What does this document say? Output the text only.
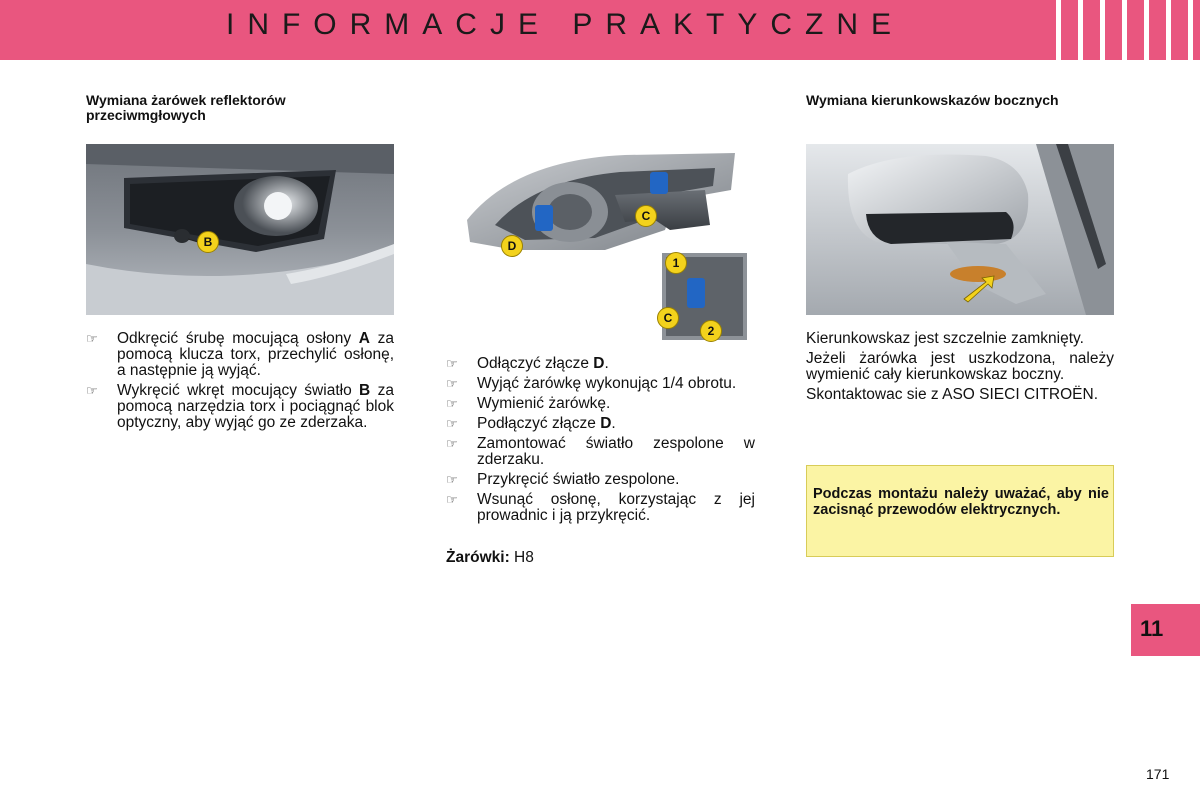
INFORMACJE PRAKTYCZNE
Wymiana żarówek reflektorów przeciwmgłowych
B
☞ Odkręcić śrubę mocującą osłony A za pomocą klucza torx, przechylić osłonę, a następnie ją wyjąć.
☞ Wykręcić wkręt mocujący światło B za pomocą narzędzia torx i pociągnąć blok optyczny, aby wyjąć go ze zderzaka.
C
D
1
2
C
☞ Odłączyć złącze D.
☞ Wyjąć żarówkę wykonując 1/4 obrotu.
☞ Wymienić żarówkę.
☞ Podłączyć złącze D.
☞ Zamontować światło zespolone w zderzaku.
☞ Przykręcić światło zespolone.
☞ Wsunąć osłonę, korzystając z jej prowadnic i ją przykręcić.
Żarówki: H8
Wymiana kierunkowskazów bocznych

Kierunkowskaz jest szczelnie zamknięty.

Jeżeli żarówka jest uszkodzona, należy wymienić cały kierunkowskaz boczny.

Skontaktowac sie z ASO SIECI CITROËN.

Podczas montażu należy uważać, aby nie zacisnąć przewodów elektrycznych.
11
171
